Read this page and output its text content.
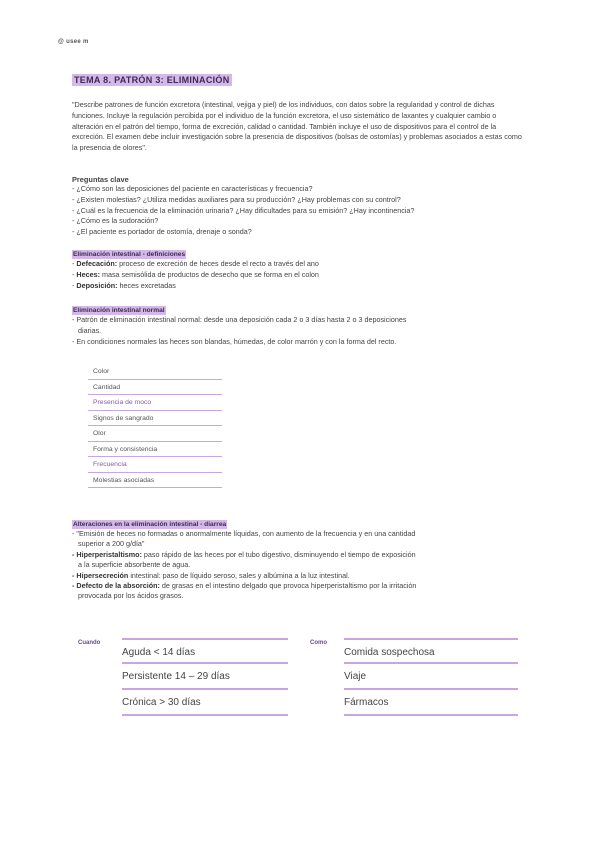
@ usee m
TEMA 8. PATRÓN 3: ELIMINACIÓN
"Describe patrones de función excretora (intestinal, vejiga y piel) de los individuos, con datos sobre la regularidad y control de dichas funciones. Incluye la regulación percibida por el individuo de la función excretora, el uso sistemático de laxantes y cualquier cambio o alteración en el patrón del tiempo, forma de excreción, calidad o cantidad. También incluye el uso de dispositivos para el control de la excreción. El examen debe incluir investigación sobre la presencia de dispositivos (bolsas de ostomías) y problemas asociados a estas como la presencia de olores".
Preguntas clave
- ¿Cómo son las deposiciones del paciente en características y frecuencia?
- ¿Existen molestias? ¿Utiliza medidas auxiliares para su producción? ¿Hay problemas con su control?
- ¿Cuál es la frecuencia de la eliminación urinaria? ¿Hay dificultades para su emisión? ¿Hay incontinencia?
- ¿Cómo es la sudoración?
- ¿El paciente es portador de ostomía, drenaje o sonda?
Eliminación intestinal - definiciones
- Defecación: proceso de excreción de heces desde el recto a través del ano
- Heces: masa semisólida de productos de desecho que se forma en el colon
- Deposición: heces excretadas
Eliminación intestinal normal
- Patrón de eliminación intestinal normal: desde una deposición cada 2 o 3 días hasta 2 o 3 deposiciones
diarias.
- En condiciones normales las heces son blandas, húmedas, de color marrón y con la forma del recto.
Color
Cantidad
Presencia de moco
Signos de sangrado
Olor
Forma y consistencia
Frecuencia
Molestias asociadas
Alteraciones en la eliminación intestinal - diarrea
- "Emisión de heces no formadas o anormalmente líquidas, con aumento de la frecuencia y en una cantidad
superior a 200 g/día"
- Hiperperistaltismo: paso rápido de las heces por el tubo digestivo, disminuyendo el tiempo de exposición
a la superficie absorbente de agua.
- Hipersecreción intestinal: paso de líquido seroso, sales y albúmina a la luz intestinal.
- Defecto de la absorción: de grasas en el intestino delgado que provoca hiperperistaltismo por la irritación
provocada por los ácidos grasos.
Cuando
Aguda < 14 días
Persistente 14 – 29 días
Crónica > 30 días
Como
Comida sospechosa
Viaje
Fármacos
